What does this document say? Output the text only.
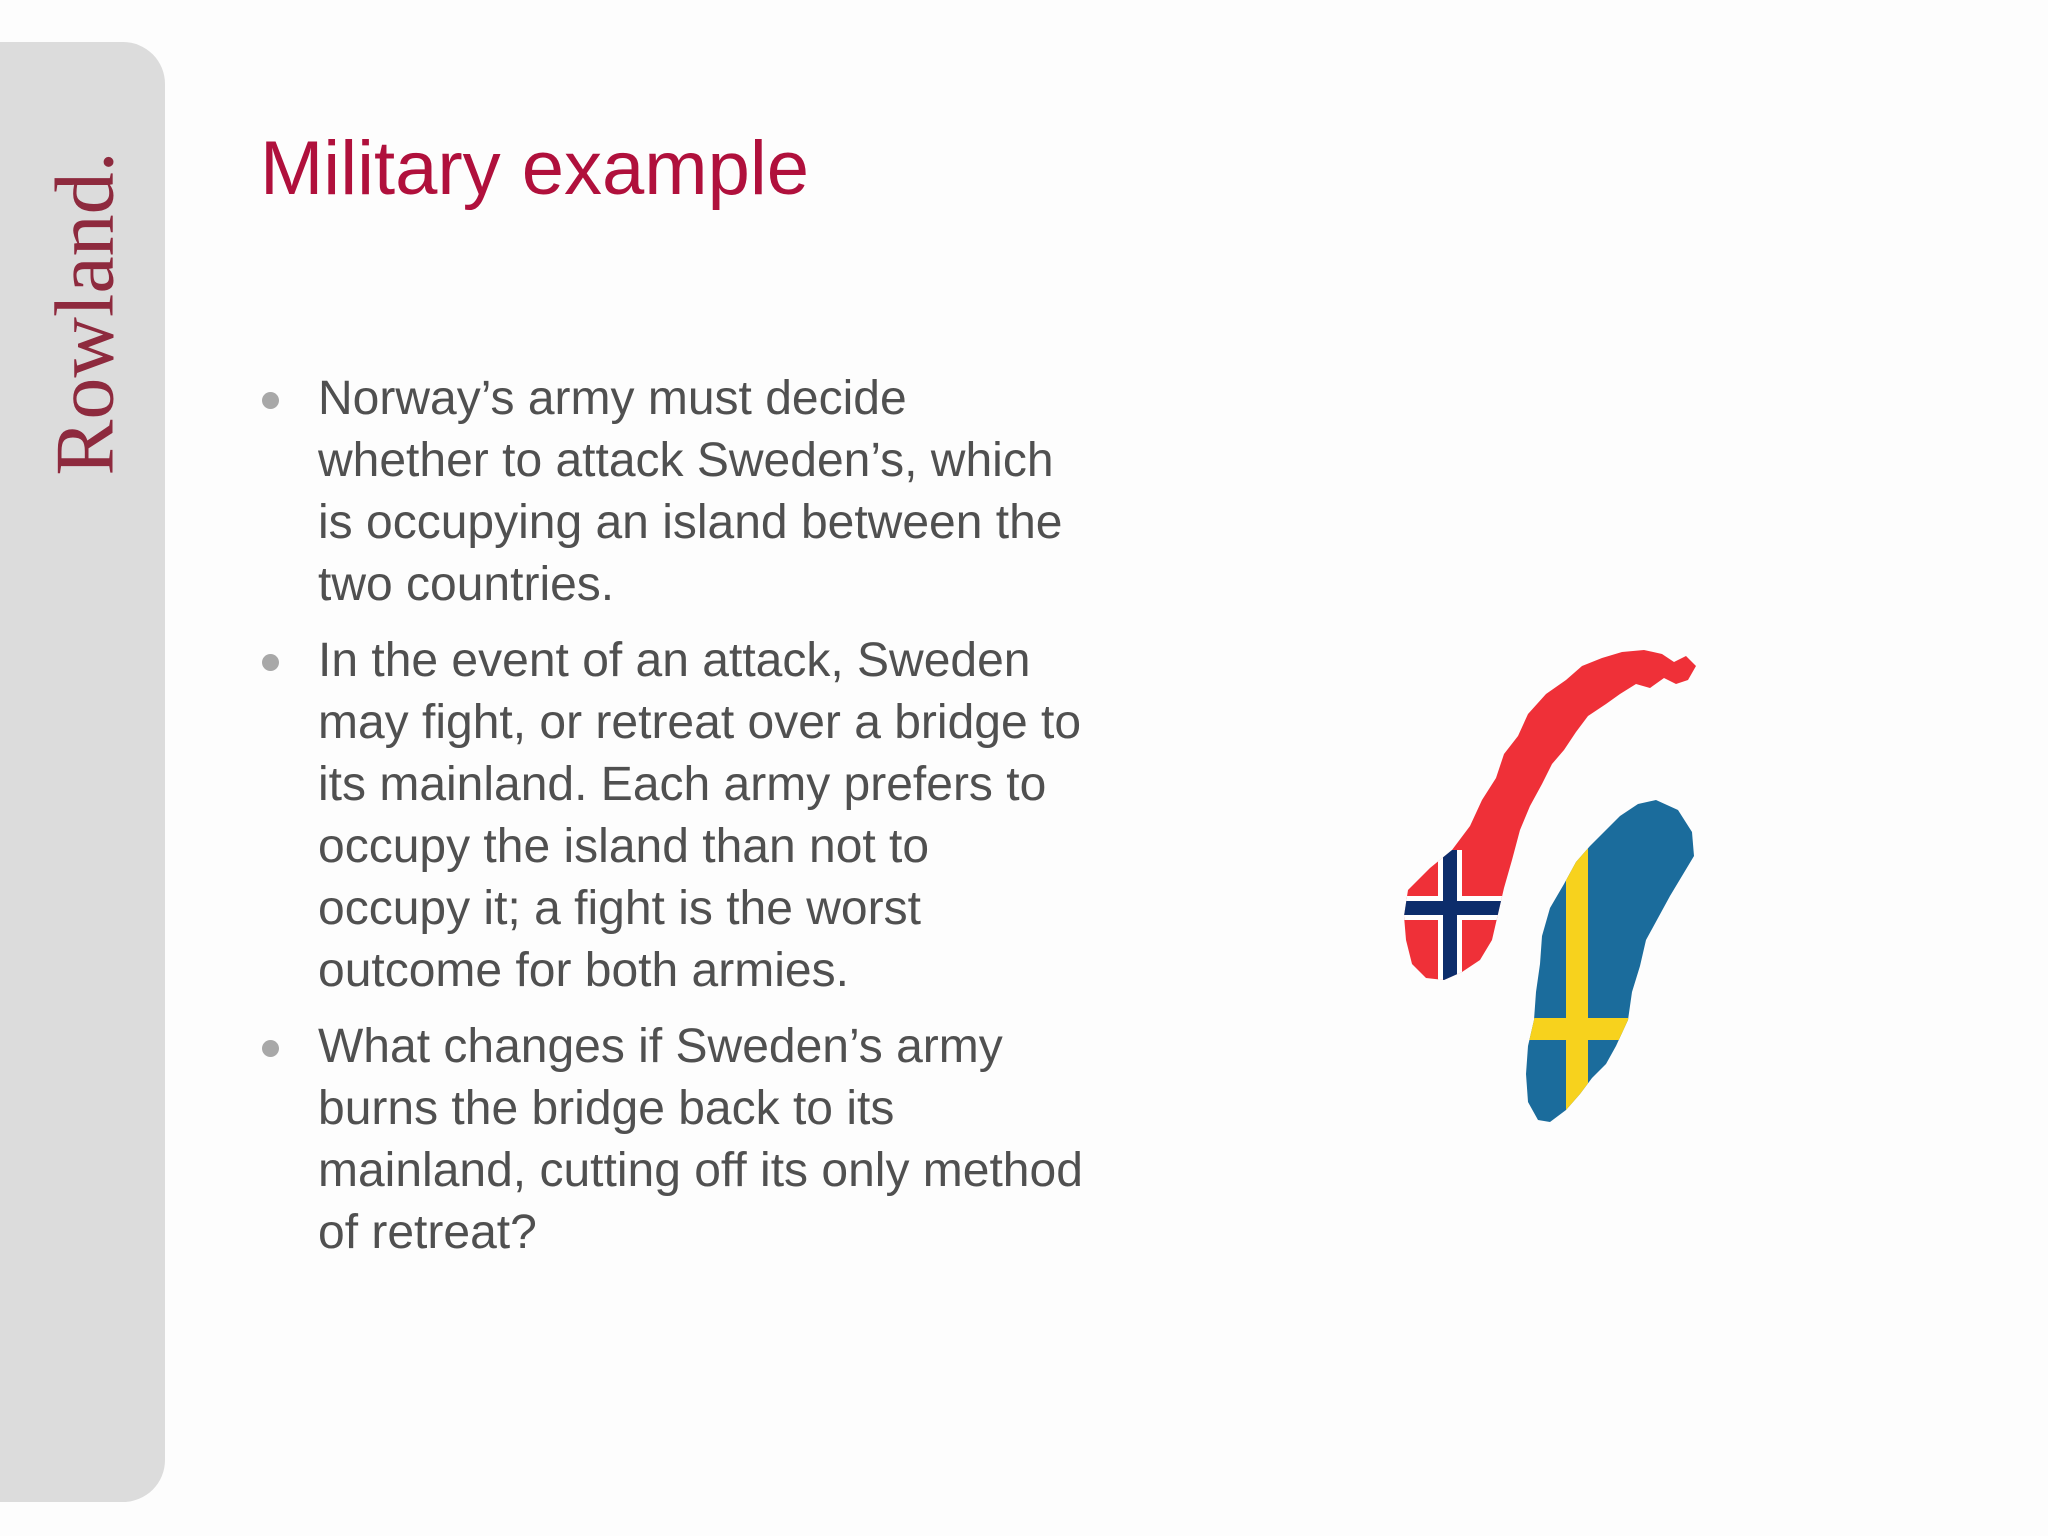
Rowland. Military example
Norway’s army must decide whether to attack Sweden’s, which is occupying an island between the two countries.
In the event of an attack, Sweden may fight, or retreat over a bridge to its mainland. Each army prefers to occupy the island than not to occupy it; a fight is the worst outcome for both armies.
What changes if Sweden’s army burns the bridge back to its mainland, cutting off its only method of retreat?
